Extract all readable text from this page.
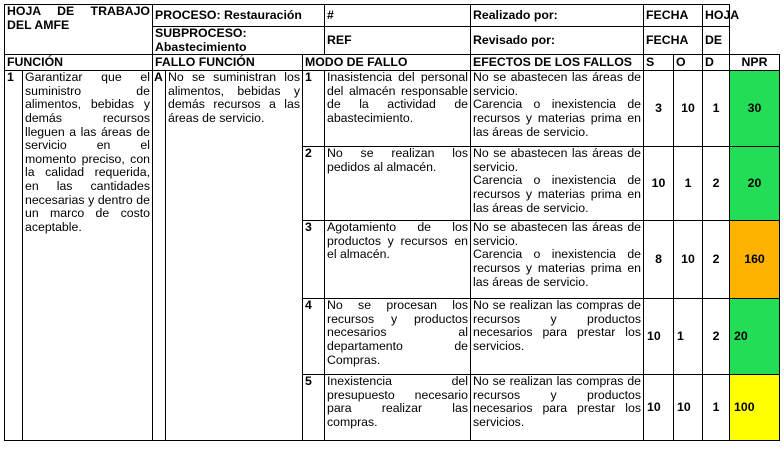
HOJA DE TRABAJO DEL AMFE		PROCESO: Restauración			#	Realizado por:	FECHA		HOJA	
		SUBPROCESO: Abastecimiento			REF	Revisado por:	FECHA		DE	
FUNCIÓN		FALLO FUNCIÓN		MODO DE FALLO		EFECTOS DE LOS FALLOS	S	O	D	NPR
1	Garantizar que el suministro de alimentos, bebidas y demás recursos lleguen a las áreas de servicio en el momento preciso, con la calidad requerida, en las cantidades necesarias y dentro de un marco de costo aceptable.	A	No se suministran los alimentos, bebidas y demás recursos a las áreas de servicio.	1	Inasistencia del personal del almacén responsable de la actividad de abastecimiento.	No se abastecen las áreas de servicio.
Carencia o inexistencia de recursos y materias prima en las áreas de servicio.	3	10	1	30
				2	No se realizan los pedidos al almacén.	No se abastecen las áreas de servicio.
Carencia o inexistencia de recursos y materias prima en las áreas de servicio.	10	1	2	20
				3	Agotamiento de los productos y recursos en el almacén.	No se abastecen las áreas de servicio.
Carencia o inexistencia de recursos y materias prima en las áreas de servicio.	8	10	2	160
				4	No se procesan los recursos y productos necesarios al departamento de Compras.	No se realizan las compras de recursos y productos necesarios para prestar los servicios.	10	1	2	20
				5	Inexistencia del presupuesto necesario para realizar las compras.	No se realizan las compras de recursos y productos necesarios para prestar los servicios.	10	10	1	100
